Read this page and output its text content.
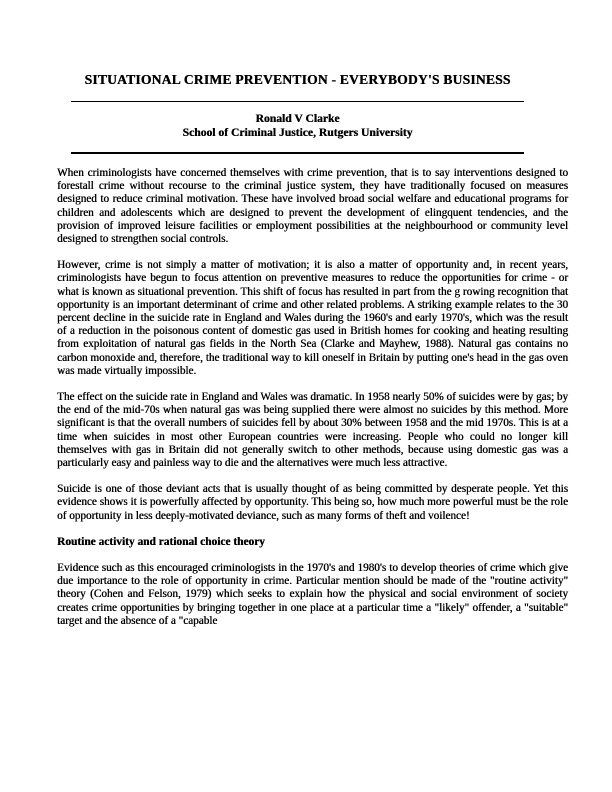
SITUATIONAL CRIME PREVENTION - EVERYBODY'S BUSINESS
Ronald V Clarke
School of Criminal Justice, Rutgers University

When criminologists have concerned themselves with crime prevention, that is to say interventions designed to forestall crime without recourse to the criminal justice system, they have traditionally focused on measures designed to reduce criminal motivation. These have involved broad social welfare and educational programs for children and adolescents which are designed to prevent the development of elingquent tendencies, and the provision of improved leisure facilities or employment possibilities at the neighbourhood or community level designed to strengthen social controls.

However, crime is not simply a matter of motivation; it is also a matter of opportunity and, in recent years, criminologists have begun to focus attention on preventive measures to reduce the opportunities for crime - or what is known as situational prevention. This shift of focus has resulted in part from the g rowing recognition that opportunity is an important determinant of crime and other related problems. A striking example relates to the 30 percent decline in the suicide rate in England and Wales during the 1960's and early 1970's, which was the result of a reduction in the poisonous content of domestic gas used in British homes for cooking and heating resulting from exploitation of natural gas fields in the North Sea (Clarke and Mayhew, 1988). Natural gas contains no carbon monoxide and, therefore, the traditional way to kill oneself in Britain by putting one's head in the gas oven was made virtually impossible.

The effect on the suicide rate in England and Wales was dramatic. In 1958 nearly 50% of suicides were by gas; by the end of the mid-70s when natural gas was being supplied there were almost no suicides by this method. More significant is that the overall numbers of suicides fell by about 30% between 1958 and the mid 1970s. This is at a time when suicides in most other European countries were increasing. People who could no longer kill themselves with gas in Britain did not generally switch to other methods, because using domestic gas was a particularly easy and painless way to die and the alternatives were much less attractive.

Suicide is one of those deviant acts that is usually thought of as being committed by desperate people. Yet this evidence shows it is powerfully affected by opportunity. This being so, how much more powerful must be the role of opportunity in less deeply-motivated deviance, such as many forms of theft and voilence!

Routine activity and rational choice theory

Evidence such as this encouraged criminologists in the 1970's and 1980's to develop theories of crime which give due importance to the role of opportunity in crime. Particular mention should be made of the "routine activity" theory (Cohen and Felson, 1979) which seeks to explain how the physical and social environment of society creates crime opportunities by bringing together in one place at a particular time a "likely" offender, a "suitable" target and the absence of a "capable
